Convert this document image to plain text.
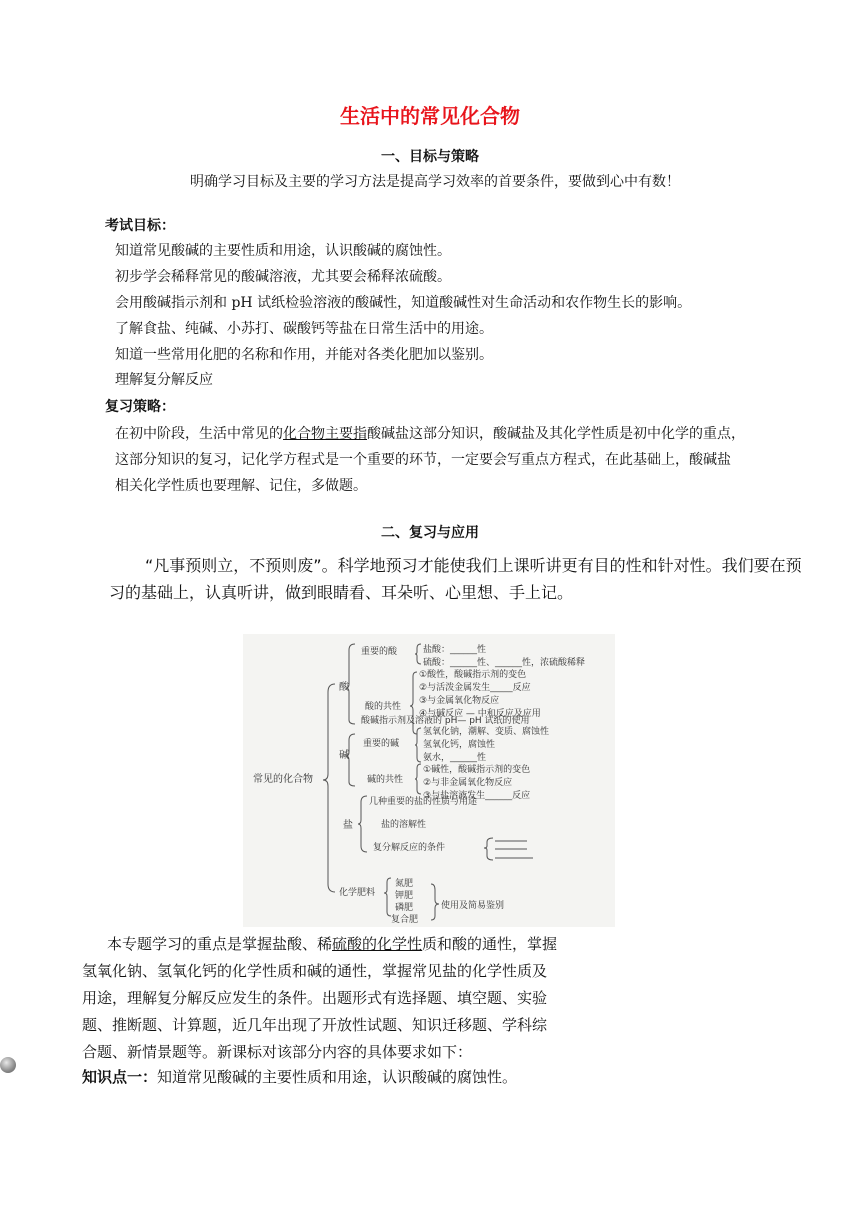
生活中的常见化合物
一、目标与策略
明确学习目标及主要的学习方法是提高学习效率的首要条件，要做到心中有数！
考试目标：
知道常见酸碱的主要性质和用途，认识酸碱的腐蚀性。
初步学会稀释常见的酸碱溶液，尤其要会稀释浓硫酸。
会用酸碱指示剂和 pH 试纸检验溶液的酸碱性，知道酸碱性对生命活动和农作物生长的影响。
了解食盐、纯碱、小苏打、碳酸钙等盐在日常生活中的用途。
知道一些常用化肥的名称和作用，并能对各类化肥加以鉴别。
理解复分解反应
复习策略：
在初中阶段，生活中常见的化合物主要指酸碱盐这部分知识，酸碱盐及其化学性质是初中化学的重点，
这部分知识的复习，记化学方程式是一个重要的环节，一定要会写重点方程式，在此基础上，酸碱盐
相关化学性质也要理解、记住，多做题。
二、复习与应用
“凡事预则立，不预则废”。科学地预习才能使我们上课听讲更有目的性和针对性。我们要在预
习的基础上，认真听讲，做到眼睛看、耳朵听、心里想、手上记。
常见的化合物
酸
重要的酸	盐酸：______性
硫酸：______性、______性，浓硫酸稀释
酸的共性
①酸性，酸碱指示剂的变色
②与活泼金属发生_____反应
③与金属氧化物反应
④与碱反应 — 中和反应及应用
酸碱指示剂及溶液的 pH— pH 试纸的使用
碱
重要的碱
氢氧化钠，潮解、变质、腐蚀性
氢氧化钙，腐蚀性
氨水，______性
碱的共性
①碱性，酸碱指示剂的变色
②与非金属氧化物反应
③与盐溶液发生______反应
盐
几种重要的盐的性质与用途
盐的溶解性
复分解反应的条件
化学肥料
氮肥
钾肥
磷肥
复合肥
使用及简易鉴别
本专题学习的重点是掌握盐酸、稀硫酸的化学性质和酸的通性，掌握
氢氧化钠、氢氧化钙的化学性质和碱的通性，掌握常见盐的化学性质及
用途，理解复分解反应发生的条件。出题形式有选择题、填空题、实验
题、推断题、计算题，近几年出现了开放性试题、知识迁移题、学科综
合题、新情景题等。新课标对该部分内容的具体要求如下：
知识点一：知道常见酸碱的主要性质和用途，认识酸碱的腐蚀性。
